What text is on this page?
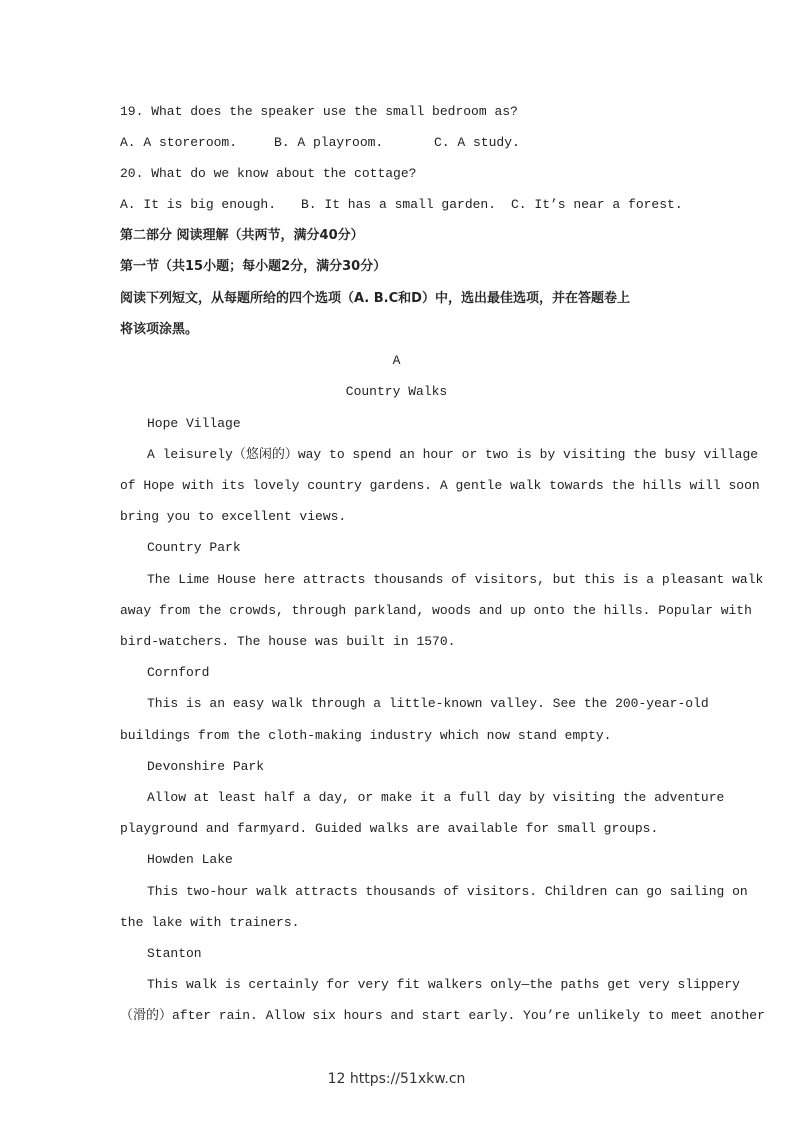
19. What does the speaker use the small bedroom as?
A. A storeroom.	B. A playroom.	C. A study.
20. What do we know about the cottage?
A. It is big enough. B. It has a small garden. C. It’s near a forest.
第二部分 阅读理解（共两节，满分40分）
第一节（共15小题；每小题2分，满分30分）
阅读下列短文，从每题所给的四个选项（A. B.C和D）中，选出最佳选项，并在答题卷上
将该项涂黑。
A
Country Walks
Hope Village
A leisurely（悠闲的）way to spend an hour or two is by visiting the busy village
of Hope with its lovely country gardens. A gentle walk towards the hills will soon
bring you to excellent views.
Country Park
The Lime House here attracts thousands of visitors, but this is a pleasant walk
away from the crowds, through parkland, woods and up onto the hills. Popular with
bird-watchers. The house was built in 1570.
Cornford
This is an easy walk through a little-known valley. See the 200-year-old
buildings from the cloth-making industry which now stand empty.
Devonshire Park
Allow at least half a day, or make it a full day by visiting the adventure
playground and farmyard. Guided walks are available for small groups.
Howden Lake
This two-hour walk attracts thousands of visitors. Children can go sailing on
the lake with trainers.
Stanton
This walk is certainly for very fit walkers only—the paths get very slippery
（滑的）after rain. Allow six hours and start early. You’re unlikely to meet another
12 https://51xkw.cn
